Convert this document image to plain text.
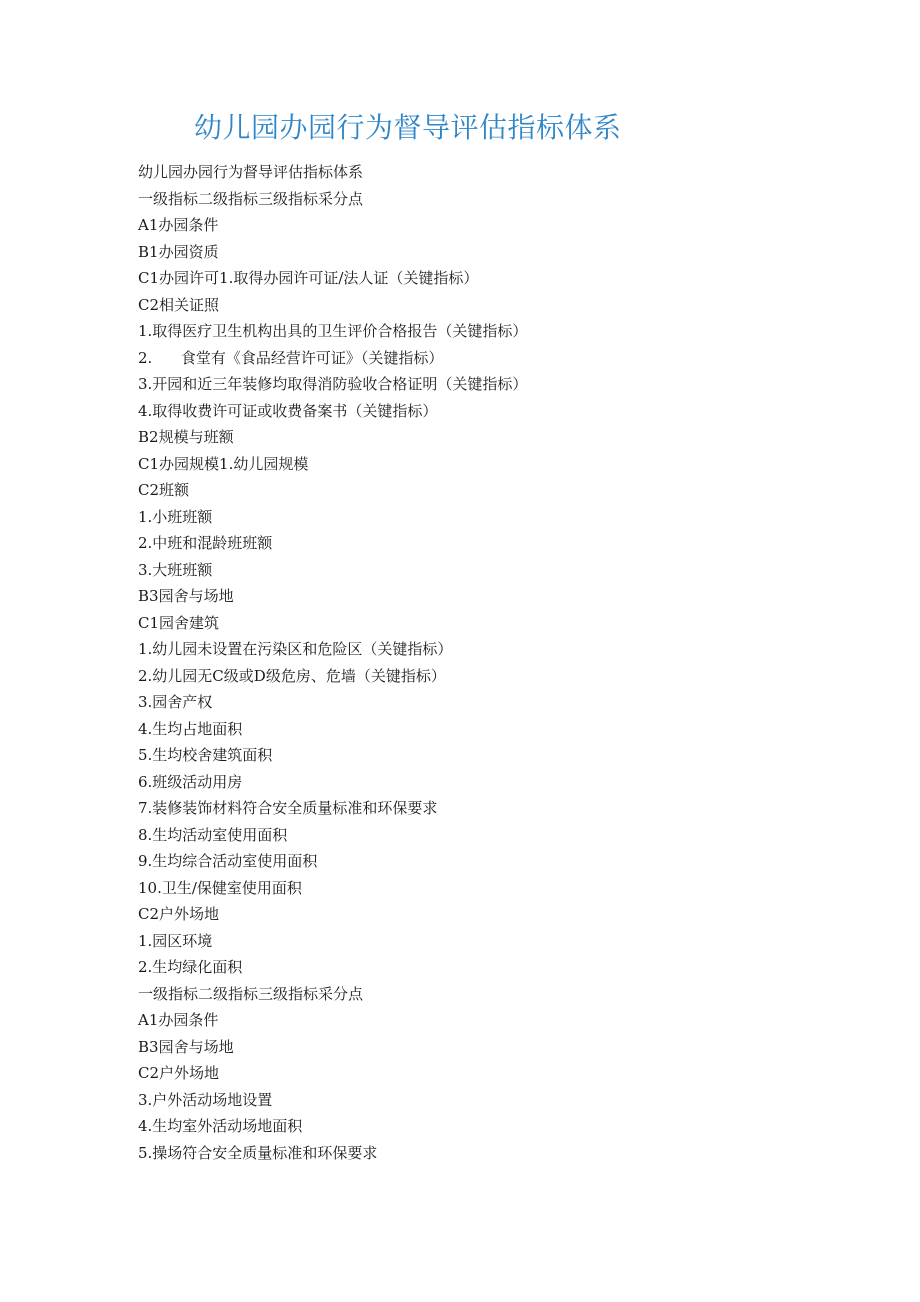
幼儿园办园行为督导评估指标体系
幼儿园办园行为督导评估指标体系
一级指标二级指标三级指标采分点
A1办园条件
B1办园资质
C1办园许可1.取得办园许可证/法人证（关键指标）
C2相关证照
1.取得医疗卫生机构出具的卫生评价合格报告（关键指标）
2.      食堂有《食品经营许可证》（关键指标）
3.开园和近三年装修均取得消防验收合格证明（关键指标）
4.取得收费许可证或收费备案书（关键指标）
B2规模与班额
C1办园规模1.幼儿园规模
C2班额
1.小班班额
2.中班和混龄班班额
3.大班班额
B3园舍与场地
C1园舍建筑
1.幼儿园未设置在污染区和危险区（关键指标）
2.幼儿园无C级或D级危房、危墙（关键指标）
3.园舍产权
4.生均占地面积
5.生均校舍建筑面积
6.班级活动用房
7.装修装饰材料符合安全质量标准和环保要求
8.生均活动室使用面积
9.生均综合活动室使用面积
10.卫生/保健室使用面积
C2户外场地
1.园区环境
2.生均绿化面积
一级指标二级指标三级指标采分点
A1办园条件
B3园舍与场地
C2户外场地
3.户外活动场地设置
4.生均室外活动场地面积
5.操场符合安全质量标准和环保要求
